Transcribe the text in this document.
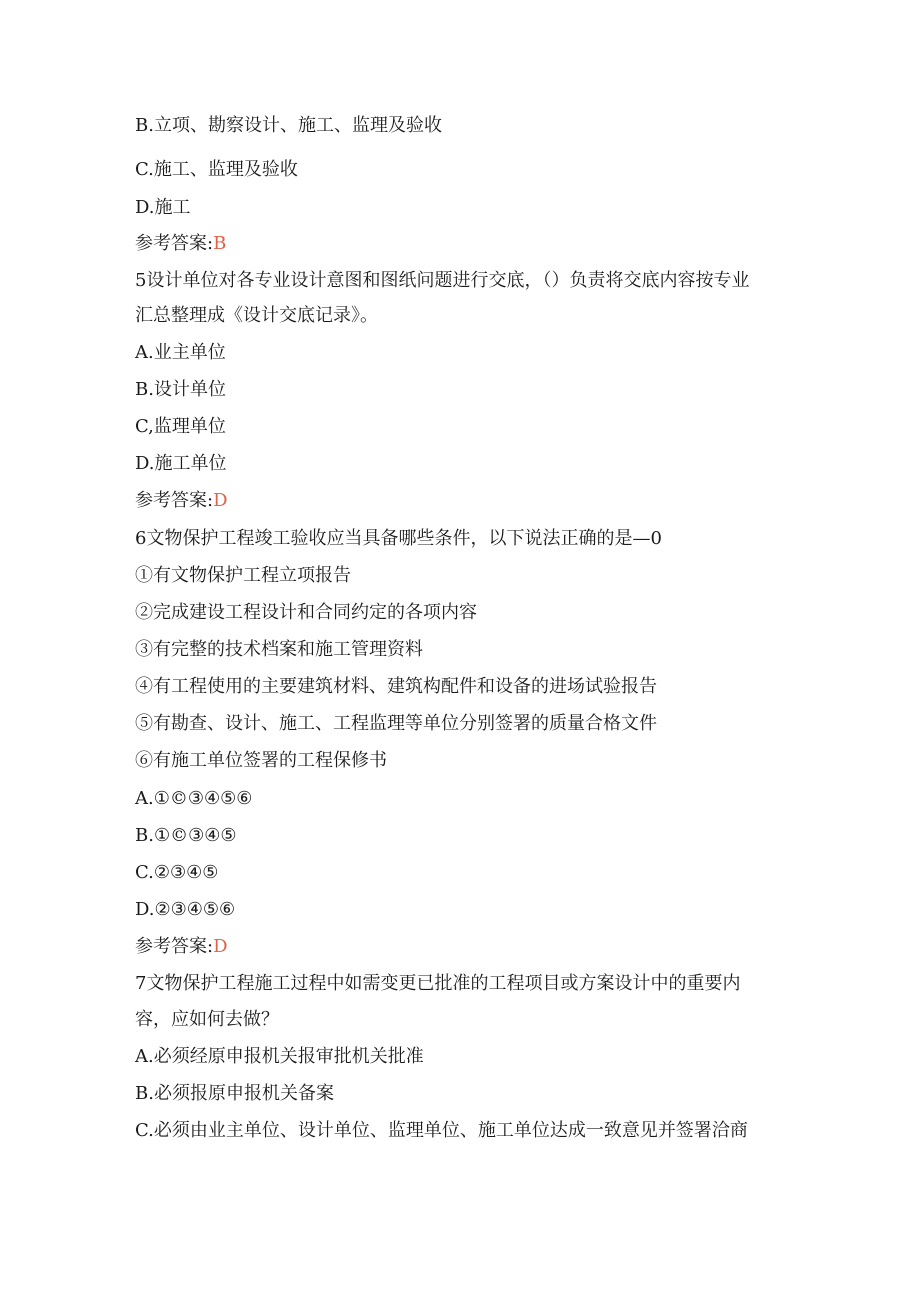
B.立项、勘察设计、施工、监理及验收
C.施工、监理及验收
D.施工
参考答案:B
5设计单位对各专业设计意图和图纸问题进行交底，（）负责将交底内容按专业
汇总整理成《设计交底记录》。
A.业主单位
B.设计单位
C,监理单位
D.施工单位
参考答案:D
6文物保护工程竣工验收应当具备哪些条件，以下说法正确的是—0
①有文物保护工程立项报告
②完成建设工程设计和合同约定的各项内容
③有完整的技术档案和施工管理资料
④有工程使用的主要建筑材料、建筑构配件和设备的进场试验报告
⑤有勘查、设计、施工、工程监理等单位分别签署的质量合格文件
⑥有施工单位签署的工程保修书
A.①©③④⑤⑥
B.①©③④⑤
C.②③④⑤
D.②③④⑤⑥
参考答案:D
7文物保护工程施工过程中如需变更已批准的工程项目或方案设计中的重要内
容，应如何去做？
A.必须经原申报机关报审批机关批准
B.必须报原申报机关备案
C.必须由业主单位、设计单位、监理单位、施工单位达成一致意见并签署洽商
